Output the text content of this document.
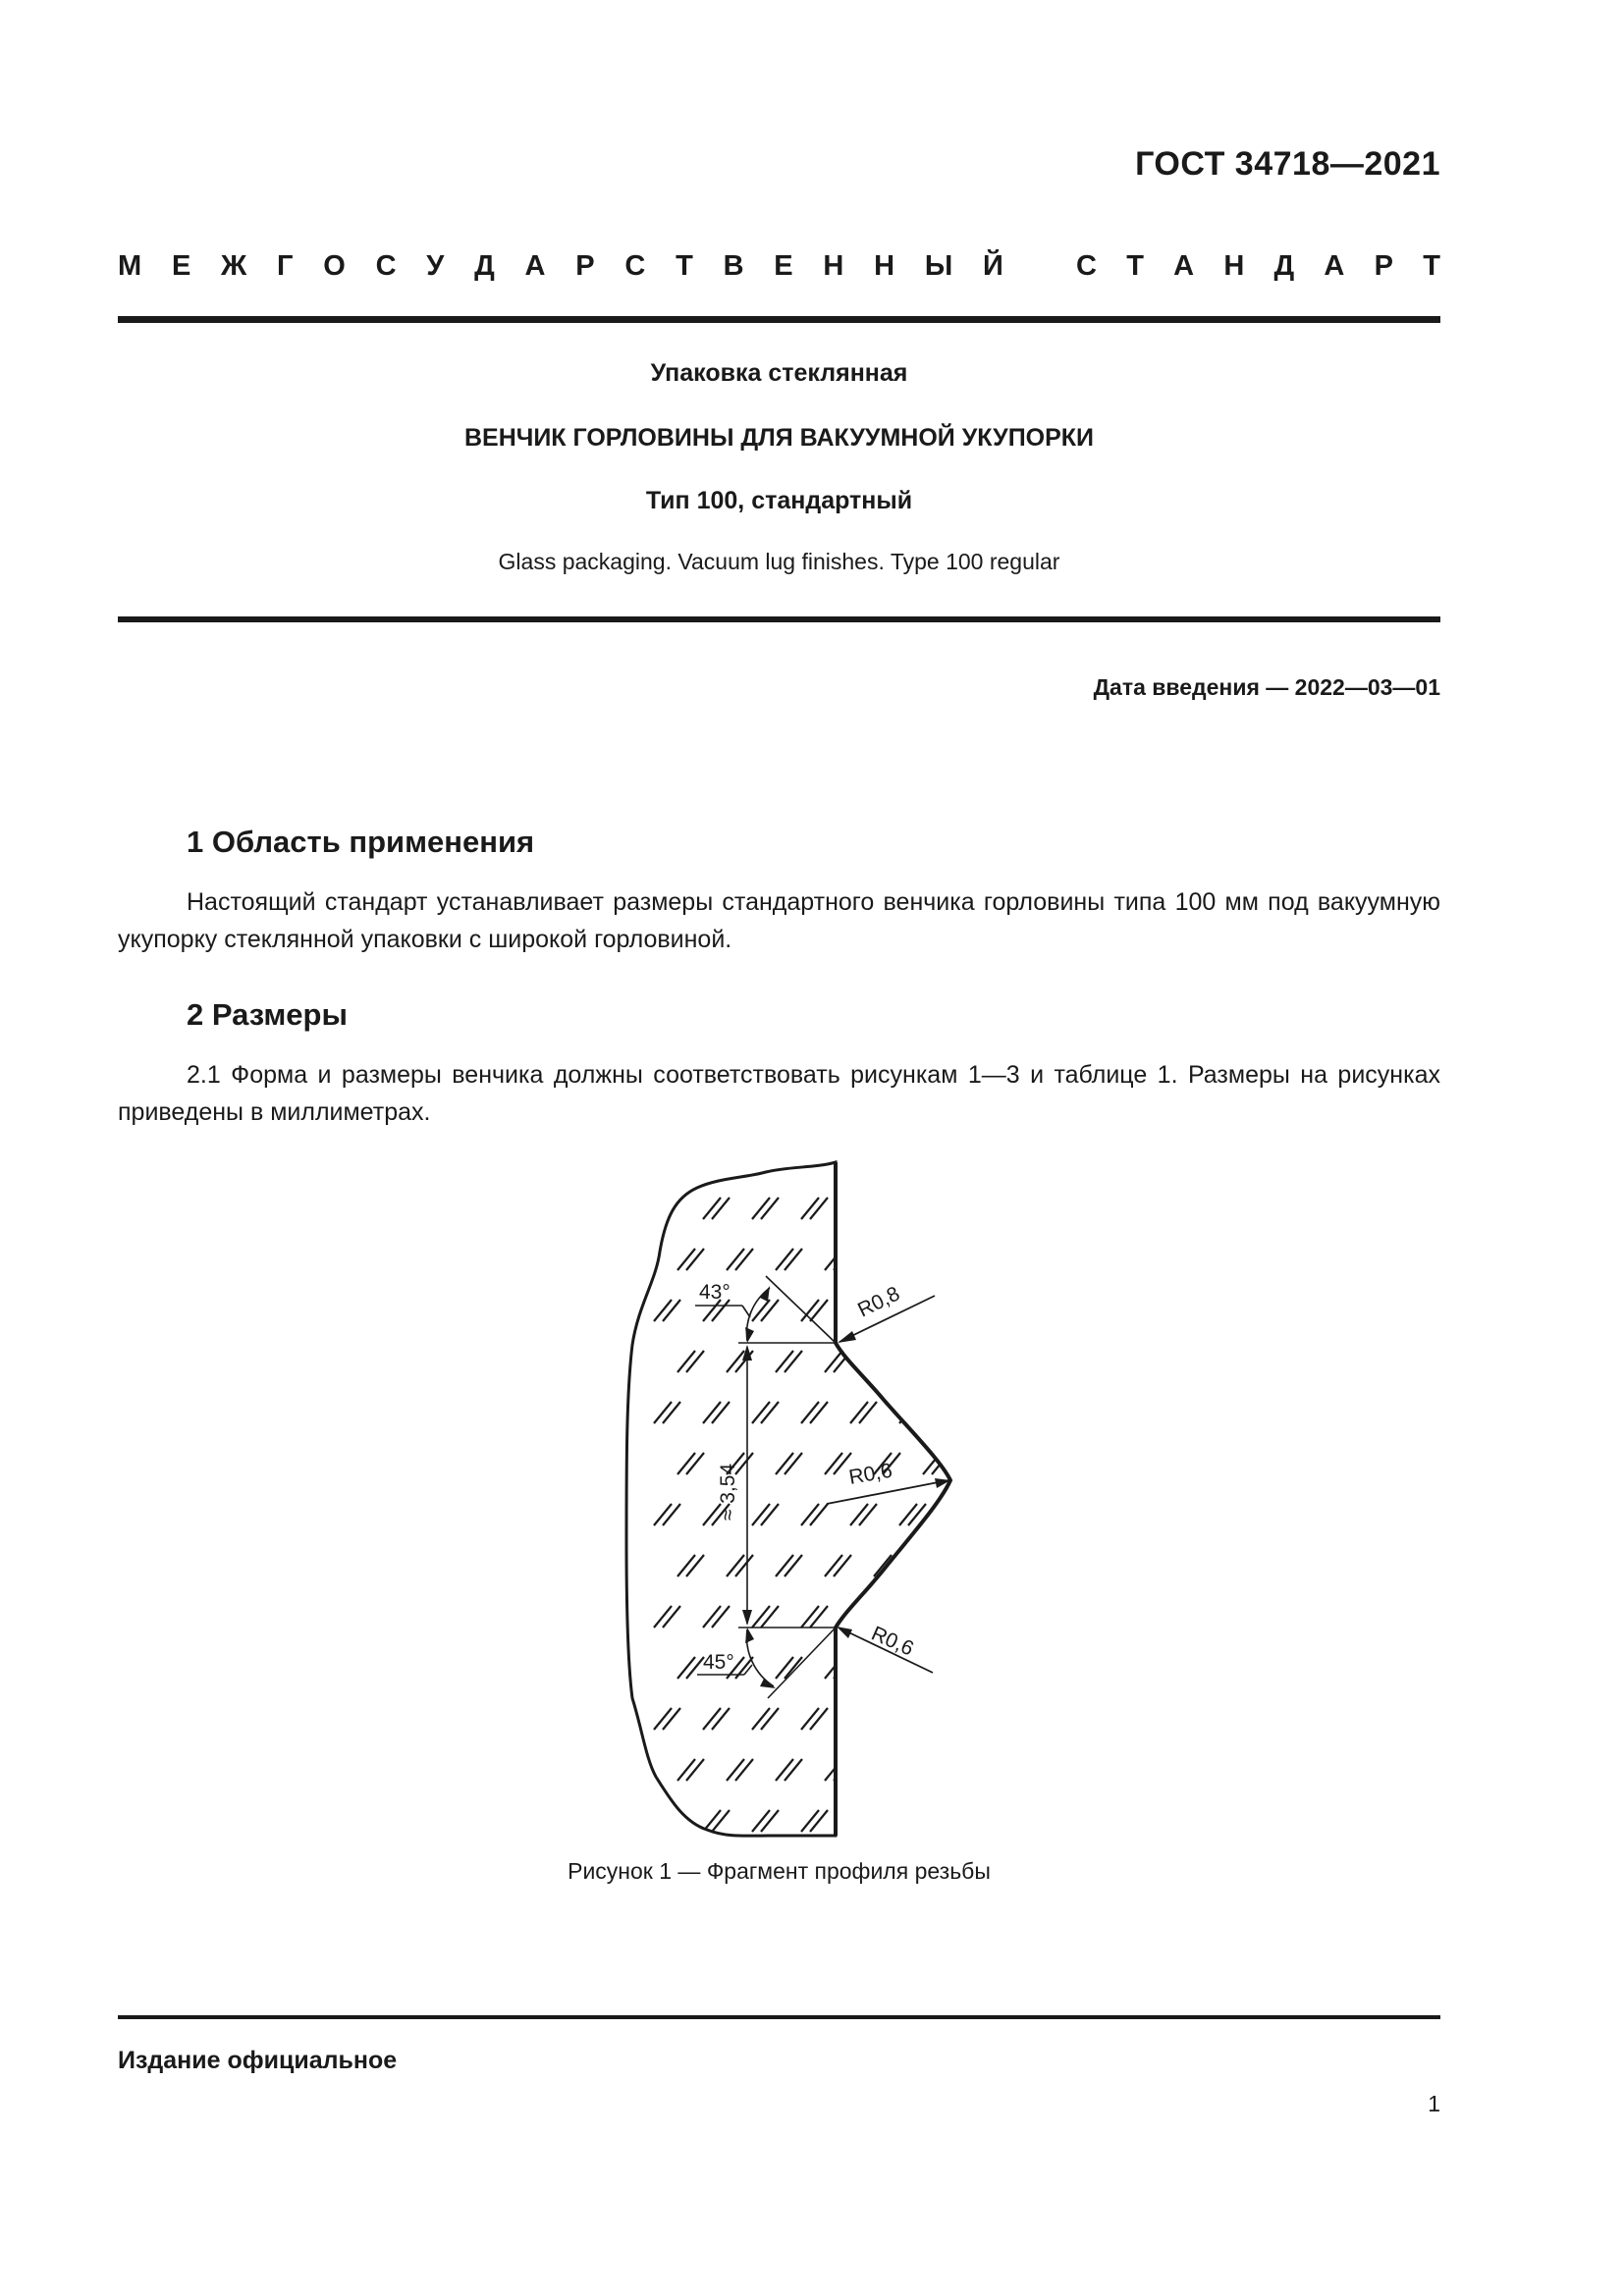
ГОСТ 34718—2021
М Е Ж Г О С У Д А Р С Т В Е Н Н Ы Й	С Т А Н Д А Р Т
Упаковка стеклянная
ВЕНЧИК ГОРЛОВИНЫ ДЛЯ ВАКУУМНОЙ УКУПОРКИ
Тип 100, стандартный
Glass packaging. Vacuum lug finishes. Type 100 regular
Дата введения — 2022—03—01
1 Область применения
Настоящий стандарт устанавливает размеры стандартного венчика горловины типа 100 мм под вакуумную укупорку стеклянной упаковки с широкой горловиной.
2 Размеры
2.1 Форма и размеры венчика должны соответствовать рисункам 1—3 и таблице 1. Размеры на рисунках приведены в миллиметрах.
≈ 3,54
43°
45°
R0,8
R0,6
R0,6
Рисунок 1 — Фрагмент профиля резьбы
Издание официальное
1
